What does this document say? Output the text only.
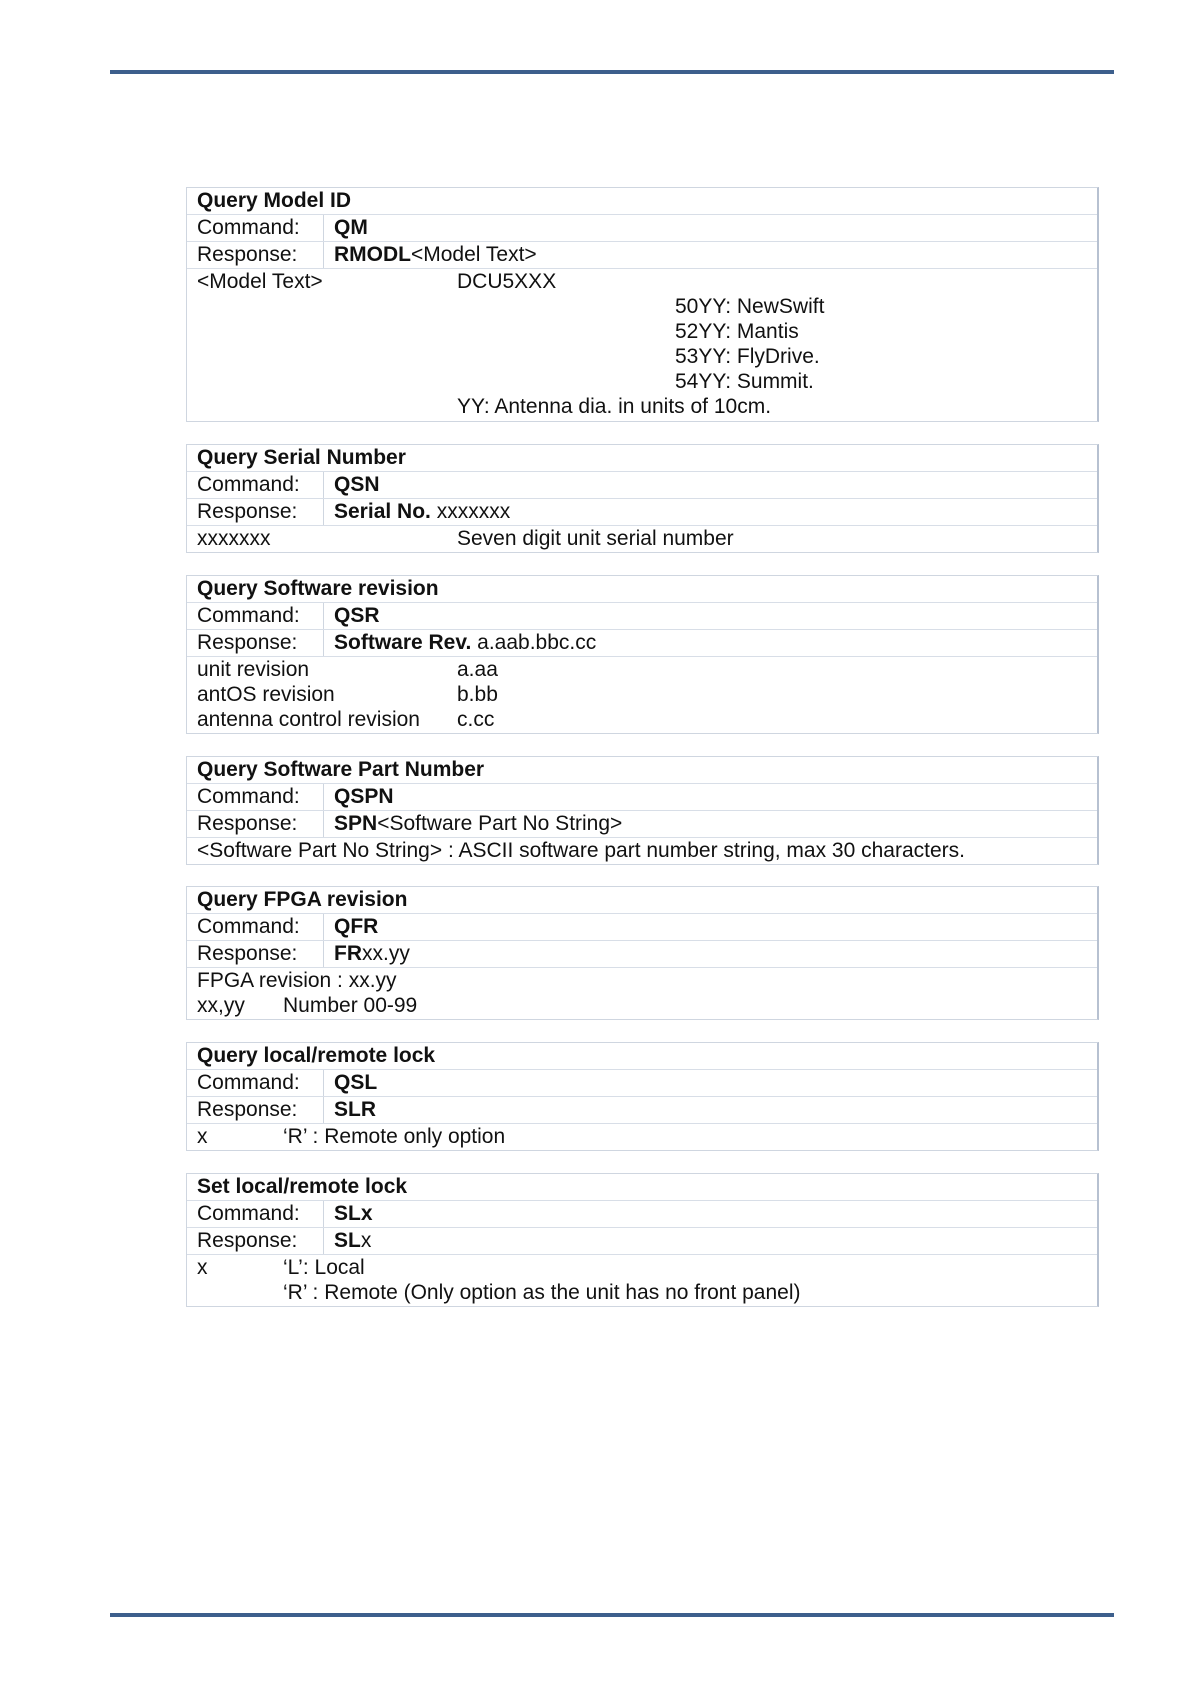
Query Model ID
Command:	QM
Response:	RMODL<Model Text>
<Model Text>	DCU5XXX
50YY: NewSwift
52YY: Mantis
53YY: FlyDrive.
54YY: Summit.
YY: Antenna dia. in units of 10cm.
Query Serial Number
Command:	QSN
Response:	Serial No. xxxxxxx
xxxxxxx	Seven digit unit serial number
Query Software revision
Command:	QSR
Response:	Software Rev. a.aab.bbc.cc
unit revision	a.aa
antOS revision	b.bb
antenna control revision c.cc
Query Software Part Number
Command:	QSPN
Response:	SPN<Software Part No String>
<Software Part No String> : ASCII software part number string, max 30 characters.
Query FPGA revision
Command:	QFR
Response:	FRxx.yy
FPGA revision : xx.yy
xx,yy Number 00-99
Query local/remote lock
Command:	QSL
Response:	SLR
x	‘R’ : Remote only option
Set local/remote lock
Command:	SLx
Response:	SLx
x	‘L’: Local
‘R’ : Remote (Only option as the unit has no front panel)
